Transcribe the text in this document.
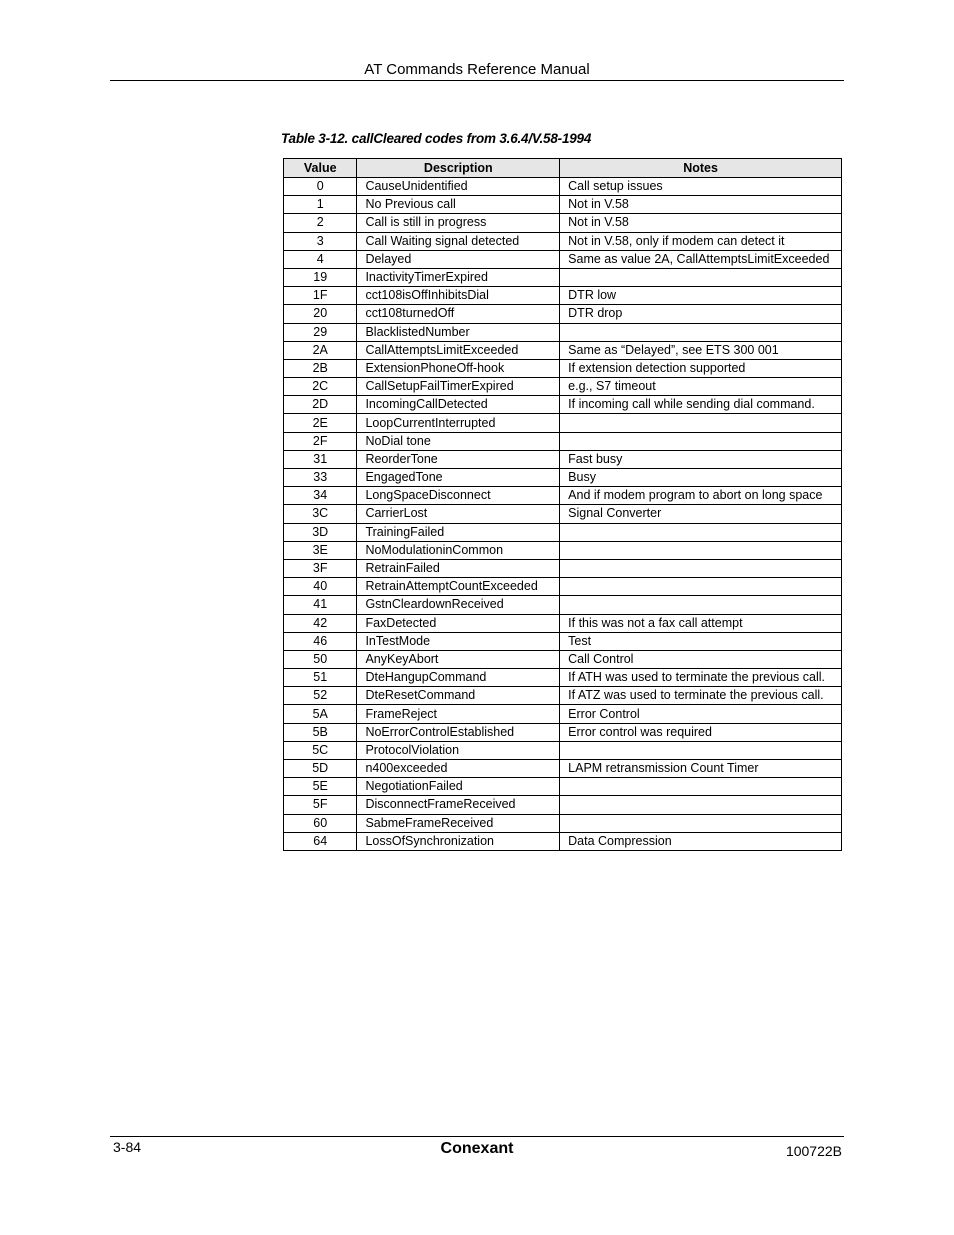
AT Commands Reference Manual
Table 3-12. callCleared codes from 3.6.4/V.58-1994
Value	Description	Notes
0	CauseUnidentified	Call setup issues
1	No Previous call	Not in V.58
2	Call is still in progress	Not in V.58
3	Call Waiting signal detected	Not in V.58, only if modem can detect it
4	Delayed	Same as value 2A, CallAttemptsLimitExceeded
19	InactivityTimerExpired	
1F	cct108isOffInhibitsDial	DTR low
20	cct108turnedOff	DTR drop
29	BlacklistedNumber	
2A	CallAttemptsLimitExceeded	Same as “Delayed”, see ETS 300 001
2B	ExtensionPhoneOff-hook	If extension detection supported
2C	CallSetupFailTimerExpired	e.g., S7 timeout
2D	IncomingCallDetected	If incoming call while sending dial command.
2E	LoopCurrentInterrupted	
2F	NoDial tone	
31	ReorderTone	Fast busy
33	EngagedTone	Busy
34	LongSpaceDisconnect	And if modem program to abort on long space
3C	CarrierLost	Signal Converter
3D	TrainingFailed	
3E	NoModulationinCommon	
3F	RetrainFailed	
40	RetrainAttemptCountExceeded	
41	GstnCleardownReceived	
42	FaxDetected	If this was not a fax call attempt
46	InTestMode	Test
50	AnyKeyAbort	Call Control
51	DteHangupCommand	If ATH was used to terminate the previous call.
52	DteResetCommand	If ATZ was used to terminate the previous call.
5A	FrameReject	Error Control
5B	NoErrorControlEstablished	Error control was required
5C	ProtocolViolation	
5D	n400exceeded	LAPM retransmission Count Timer
5E	NegotiationFailed	
5F	DisconnectFrameReceived	
60	SabmeFrameReceived	
64	LossOfSynchronization	Data Compression
3-84	Conexant	100722B
